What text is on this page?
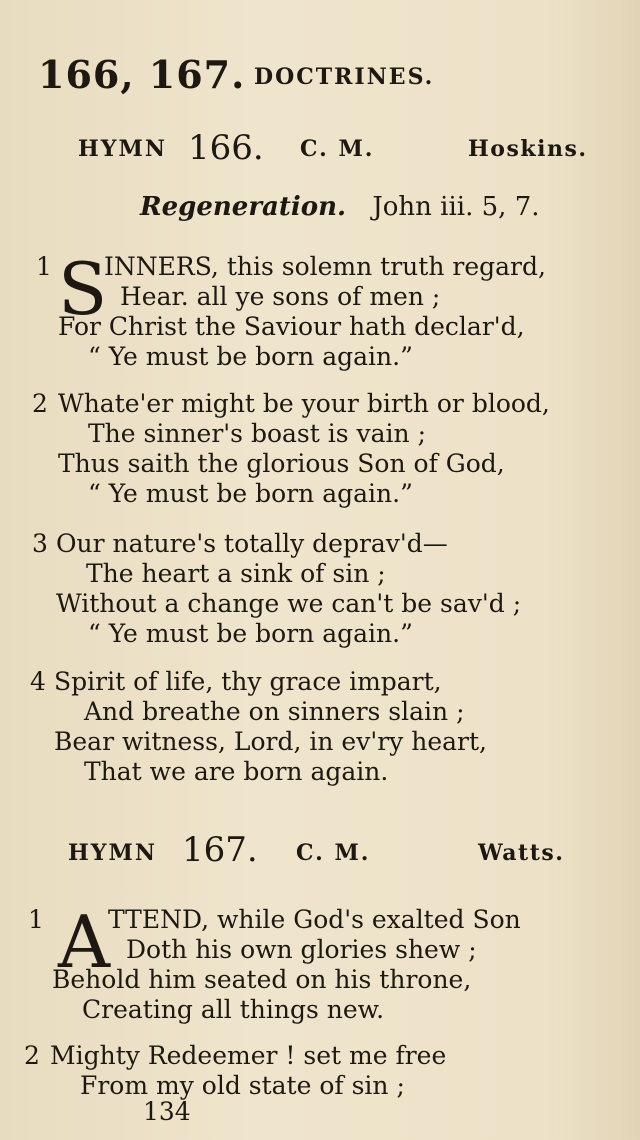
166, 167. DOCTRINES.
HYMN 166. C. M.	Hoskins.
Regeneration. John iii. 5, 7.
1 S
INNERS, this solemn truth regard,
Hear. all ye sons of men ;
For Christ the Saviour hath declar'd,
“ Ye must be born again.”
2 Whate'er might be your birth or blood,
The sinner's boast is vain ;
Thus saith the glorious Son of God,
“ Ye must be born again.”
3 Our nature's totally deprav'd—
The heart a sink of sin ;
Without a change we can't be sav'd ;
“ Ye must be born again.”
4 Spirit of life, thy grace impart,
And breathe on sinners slain ;
Bear witness, Lord, in ev'ry heart,
That we are born again.
HYMN 167. C. M.	Watts.
1 A
TTEND, while God's exalted Son
Doth his own glories shew ;
Behold him seated on his throne,
Creating all things new.
2 Mighty Redeemer ! set me free
From my old state of sin ;
134
